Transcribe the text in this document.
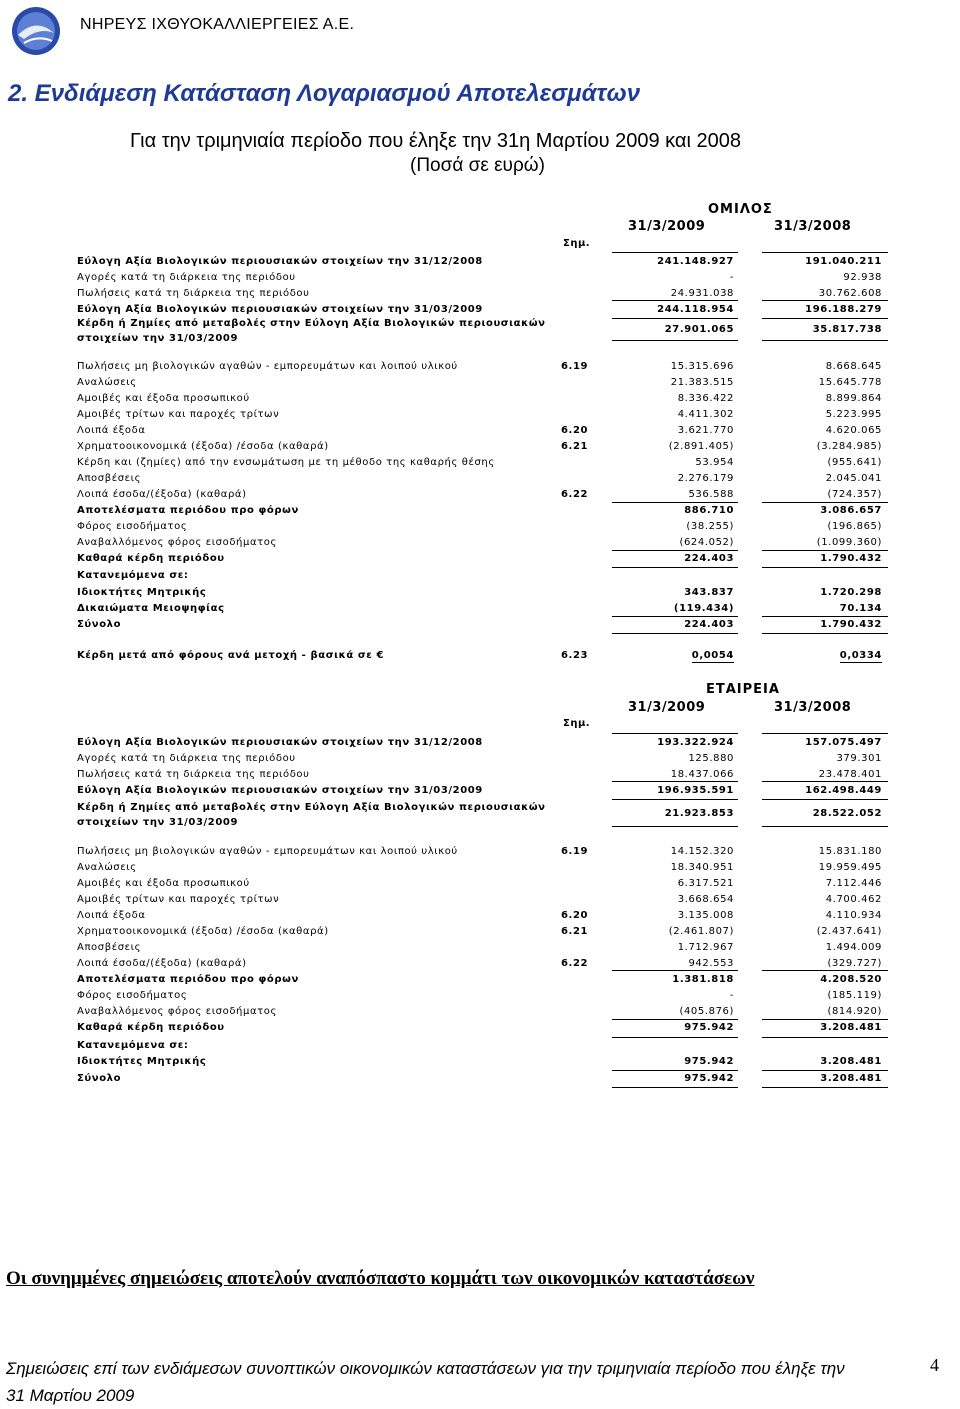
ΝΗΡΕΥΣ ΙΧΘΥΟΚΑΛΛΙΕΡΓΕΙΕΣ Α.Ε.
2. Ενδιάμεση Κατάσταση Λογαριασμού Αποτελεσμάτων
Για την τριμηνιαία περίοδο που έληξε την 31η Μαρτίου 2009 και 2008
(Ποσά σε ευρώ)
ΟΜΙΛΟΣ
31/3/2009	31/3/2008
Σημ.
Εύλογη Αξία Βιολογικών περιουσιακών στοιχείων την 31/12/2008	241.148.927	191.040.211
Αγορές κατά τη διάρκεια της περιόδου	-	92.938
Πωλήσεις κατά τη διάρκεια της περιόδου	24.931.038	30.762.608
Εύλογη Αξία Βιολογικών περιουσιακών στοιχείων την 31/03/2009	244.118.954	196.188.279
Κέρδη ή Ζημίες από μεταβολές στην Εύλογη Αξία Βιολογικών περιουσιακών
στοιχείων την 31/03/2009
27.901.065	35.817.738
Πωλήσεις μη βιολογικών αγαθών - εμπορευμάτων και λοιπού υλικού	6.19	15.315.696	8.668.645
Αναλώσεις	21.383.515	15.645.778
Αμοιβές και έξοδα προσωπικού	8.336.422	8.899.864
Αμοιβές τρίτων και παροχές τρίτων	4.411.302	5.223.995
Λοιπά έξοδα	6.20	3.621.770	4.620.065
Χρηματοοικονομικά (έξοδα) /έσοδα (καθαρά)	6.21	(2.891.405)	(3.284.985)
Κέρδη και (ζημίες) από την ενσωμάτωση με τη μέθοδο της καθαρής θέσης	53.954	(955.641)
Αποσβέσεις	2.276.179	2.045.041
Λοιπά έσοδα/(έξοδα) (καθαρά)	6.22	536.588	(724.357)
Αποτελέσματα περιόδου προ φόρων	886.710	3.086.657
Φόρος εισοδήματος	(38.255)	(196.865)
Αναβαλλόμενος φόρος εισοδήματος	(624.052)	(1.099.360)
Καθαρά κέρδη περιόδου	224.403	1.790.432
Κατανεμόμενα σε:
Ιδιοκτήτες Μητρικής	343.837	1.720.298
Δικαιώματα Μειοψηφίας	(119.434)	70.134
Σύνολο	224.403	1.790.432
Κέρδη μετά από φόρους ανά μετοχή - βασικά σε €	6.23	0,0054	0,0334
ΕΤΑΙΡΕΙΑ
31/3/2009	31/3/2008
Σημ.
Εύλογη Αξία Βιολογικών περιουσιακών στοιχείων την 31/12/2008	193.322.924	157.075.497
Αγορές κατά τη διάρκεια της περιόδου	125.880	379.301
Πωλήσεις κατά τη διάρκεια της περιόδου	18.437.066	23.478.401
Εύλογη Αξία Βιολογικών περιουσιακών στοιχείων την 31/03/2009	196.935.591	162.498.449
Κέρδη ή Ζημίες από μεταβολές στην Εύλογη Αξία Βιολογικών περιουσιακών
στοιχείων την 31/03/2009
21.923.853	28.522.052
Πωλήσεις μη βιολογικών αγαθών - εμπορευμάτων και λοιπού υλικού	6.19	14.152.320	15.831.180
Αναλώσεις	18.340.951	19.959.495
Αμοιβές και έξοδα προσωπικού	6.317.521	7.112.446
Αμοιβές τρίτων και παροχές τρίτων	3.668.654	4.700.462
Λοιπά έξοδα	6.20	3.135.008	4.110.934
Χρηματοοικονομικά (έξοδα) /έσοδα (καθαρά)	6.21	(2.461.807)	(2.437.641)
Αποσβέσεις	1.712.967	1.494.009
Λοιπά έσοδα/(έξοδα) (καθαρά)	6.22	942.553	(329.727)
Αποτελέσματα περιόδου προ φόρων	1.381.818	4.208.520
Φόρος εισοδήματος	-	(185.119)
Αναβαλλόμενος φόρος εισοδήματος	(405.876)	(814.920)
Καθαρά κέρδη περιόδου	975.942	3.208.481
Κατανεμόμενα σε:
Ιδιοκτήτες Μητρικής	975.942	3.208.481
Σύνολο	975.942	3.208.481
Οι συνημμένες σημειώσεις αποτελούν αναπόσπαστο κομμάτι των οικονομικών καταστάσεων
Σημειώσεις επί των ενδιάμεσων συνοπτικών οικονομικών καταστάσεων για την τριμηνιαία περίοδο που έληξε την 31 Μαρτίου 2009
4
